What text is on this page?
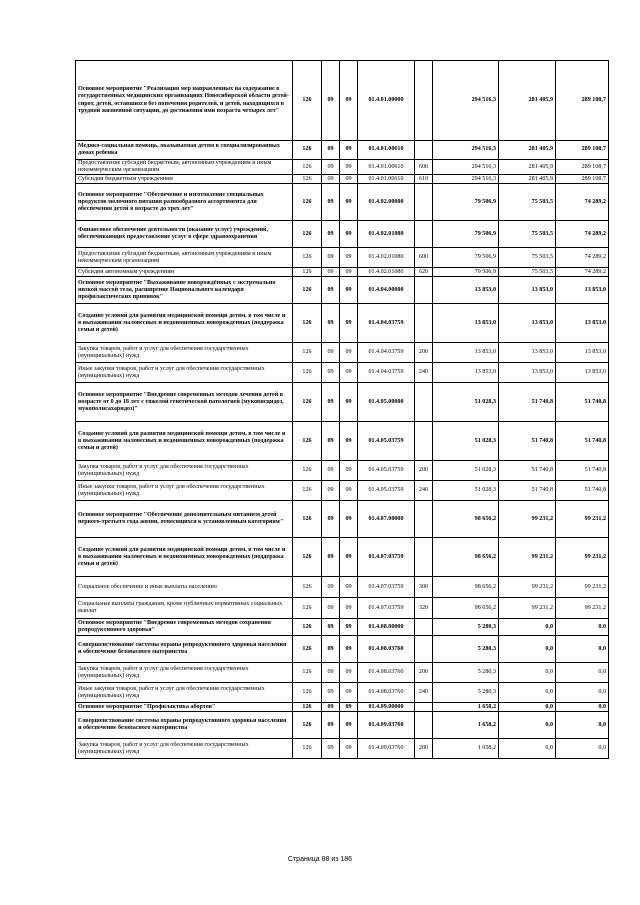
Основное мероприятие "Реализация мер направленных на содержание в государственных медицинских организациях Новосибирской области детей-сирот, детей, оставшихся без попечения родителей, и детей, находящихся в трудной жизненной ситуации, до достижения ими возраста четырех лет"	126	09	09	01.4.01.00000		294 516,3	281 405,9	289 108,7
Медико-социальная помощь, оказываемая детям в специализированных домах ребенка	126	09	09	01.4.01.00610		294 516,3	281 405,9	289 108,7
Предоставление субсидий бюджетным, автономным учреждениям и иным некоммерческим организациям	126	09	09	01.4.01.00610	600	294 516,3	281 405,9	289 108,7
Субсидии бюджетным учреждениям	126	09	09	01.4.01.00610	610	294 516,3	281 405,9	289 108,7
Основное мероприятие "Обеспечение и изготовление специальных продуктов молочного питания разнообразного ассортимента для обеспечения детей в возрасте до трех лет"	126	09	09	01.4.02.00000		79 506,9	75 503,5	74 289,2
Финансовое обеспечение деятельности (оказание услуг) учреждений, обеспечивающих предоставление услуг в сфере здравоохранения	126	09	09	01.4.02.01080		79 506,9	75 503,5	74 289,2
Предоставление субсидий бюджетным, автономным учреждениям и иным некоммерческим организациям	126	09	09	01.4.02.01080	600	79 506,9	75 503,5	74 289,2
Субсидии автономным учреждениям	126	09	09	01.4.02.01080	620	79 506,9	75 503,5	74 289,2
Основное мероприятие "Выхаживание новорождённых с экстремально низкой массой тела, расширение Национального календаря профилактических прививок"	126	09	09	01.4.04.00000		13 853,0	13 853,0	13 853,0
Создание условий для развития медицинской помощи детям, в том числе и в выхаживании маловесных и недоношенных новорожденных (поддержка семьи и детей)	126	09	09	01.4.04.03759		13 853,0	13 853,0	13 853,0
Закупка товаров, работ и услуг для обеспечения государственных (муниципальных) нужд	126	09	09	01.4.04.03759	200	13 853,0	13 853,0	13 853,0
Иные закупки товаров, работ и услуг для обеспечения государственных (муниципальных) нужд	126	09	09	01.4.04.03759	240	13 853,0	13 853,0	13 853,0
Основное мероприятие "Внедрение современных методов лечения детей в возрасте от 0 до 18 лет с тяжелой генетической патологией (муковисцидоз, мукополисахаридоз)"	126	09	09	01.4.05.00000		51 028,3	51 740,8	51 740,8
Создание условий для развития медицинской помощи детям, в том числе и в выхаживании маловесных и недоношенных новорожденных (поддержка семьи и детей)	126	09	09	01.4.05.03759		51 028,3	51 740,8	51 740,8
Закупка товаров, работ и услуг для обеспечения государственных (муниципальных) нужд	126	09	09	01.4.05.03759	200	51 028,3	51 740,8	51 740,8
Иные закупки товаров, работ и услуг для обеспечения государственных (муниципальных) нужд	126	09	09	01.4.05.03759	240	51 028,3	51 740,8	51 740,8
Основное мероприятие "Обеспечение дополнительным питанием детей первого-третьего года жизни, относящихся к установленным категориям"	126	09	09	01.4.07.00000		98 656,2	99 231,2	99 231,2
Создание условий для развития медицинской помощи детям, в том числе и в выхаживании маловесных и недоношенных новорожденных (поддержка семьи и детей)	126	09	09	01.4.07.03759		98 656,2	99 231,2	99 231,2
Социальное обеспечение и иные выплаты населению	126	09	09	01.4.07.03759	300	98 656,2	99 231,2	99 231,2
Социальные выплаты гражданам, кроме публичных нормативных социальных выплат	126	09	09	01.4.07.03759	320	98 656,2	99 231,2	99 231,2
Основное мероприятие "Внедрение современных методов сохранения репродуктивного здоровья"	126	09	09	01.4.08.00000		5 280,3	0,0	0,0
Совершенствование системы охраны репродуктивного здоровья населения и обеспечение безопасного материнства	126	09	09	01.4.08.03760		5 280,3	0,0	0,0
Закупка товаров, работ и услуг для обеспечения государственных (муниципальных) нужд	126	09	09	01.4.08.03760	200	5 280,3	0,0	0,0
Иные закупки товаров, работ и услуг для обеспечения государственных (муниципальных) нужд	126	09	09	01.4.08.03760	240	5 280,3	0,0	0,0
Основное мероприятие "Профилактика абортов"	126	09	09	01.4.09.00000		1 658,2	0,0	0,0
Совершенствование системы охраны репродуктивного здоровья населения и обеспечение безопасного материнства	126	09	09	01.4.09.03760		1 658,2	0,0	0,0
Закупка товаров, работ и услуг для обеспечения государственных (муниципальных) нужд	126	09	09	01.4.09.03760	200	1 658,2	0,0	0,0
Страница 88 из 186
